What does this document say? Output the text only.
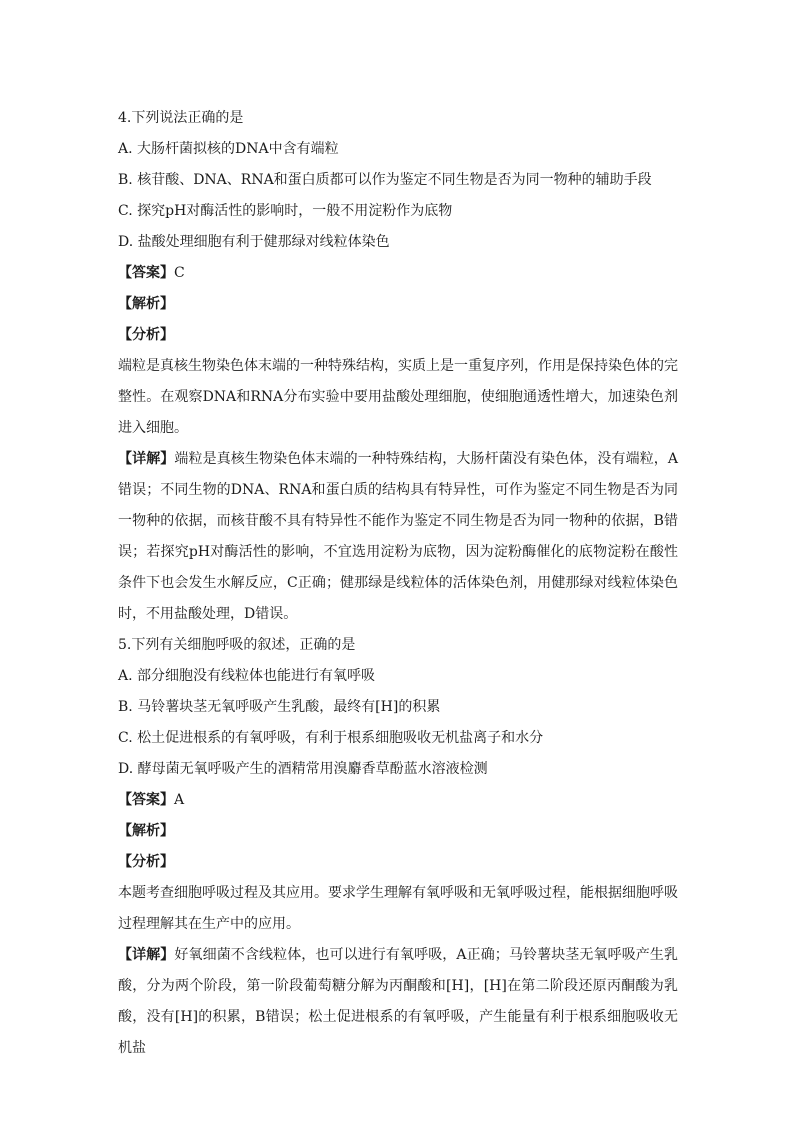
4.下列说法正确的是
A. 大肠杆菌拟核的DNA中含有端粒
B. 核苷酸、DNA、RNA和蛋白质都可以作为鉴定不同生物是否为同一物种的辅助手段
C. 探究pH对酶活性的影响时，一般不用淀粉作为底物
D. 盐酸处理细胞有利于健那绿对线粒体染色
【答案】C
【解析】
【分析】
端粒是真核生物染色体末端的一种特殊结构，实质上是一重复序列，作用是保持染色体的完整性。在观察DNA和RNA分布实验中要用盐酸处理细胞，使细胞通透性增大，加速染色剂进入细胞。
【详解】端粒是真核生物染色体末端的一种特殊结构，大肠杆菌没有染色体，没有端粒，A错误；不同生物的DNA、RNA和蛋白质的结构具有特异性，可作为鉴定不同生物是否为同一物种的依据，而核苷酸不具有特异性不能作为鉴定不同生物是否为同一物种的依据，B错误；若探究pH对酶活性的影响，不宜选用淀粉为底物，因为淀粉酶催化的底物淀粉在酸性条件下也会发生水解反应，C正确；健那绿是线粒体的活体染色剂，用健那绿对线粒体染色时，不用盐酸处理，D错误。
5.下列有关细胞呼吸的叙述，正确的是
A. 部分细胞没有线粒体也能进行有氧呼吸
B. 马铃薯块茎无氧呼吸产生乳酸，最终有[H]的积累
C. 松土促进根系的有氧呼吸，有利于根系细胞吸收无机盐离子和水分
D. 酵母菌无氧呼吸产生的酒精常用溴麝香草酚蓝水溶液检测
【答案】A
【解析】
【分析】
本题考查细胞呼吸过程及其应用。要求学生理解有氧呼吸和无氧呼吸过程，能根据细胞呼吸过程理解其在生产中的应用。
【详解】好氧细菌不含线粒体，也可以进行有氧呼吸，A正确；马铃薯块茎无氧呼吸产生乳酸，分为两个阶段，第一阶段葡萄糖分解为丙酮酸和[H]，[H]在第二阶段还原丙酮酸为乳酸，没有[H]的积累，B错误；松土促进根系的有氧呼吸，产生能量有利于根系细胞吸收无机盐
